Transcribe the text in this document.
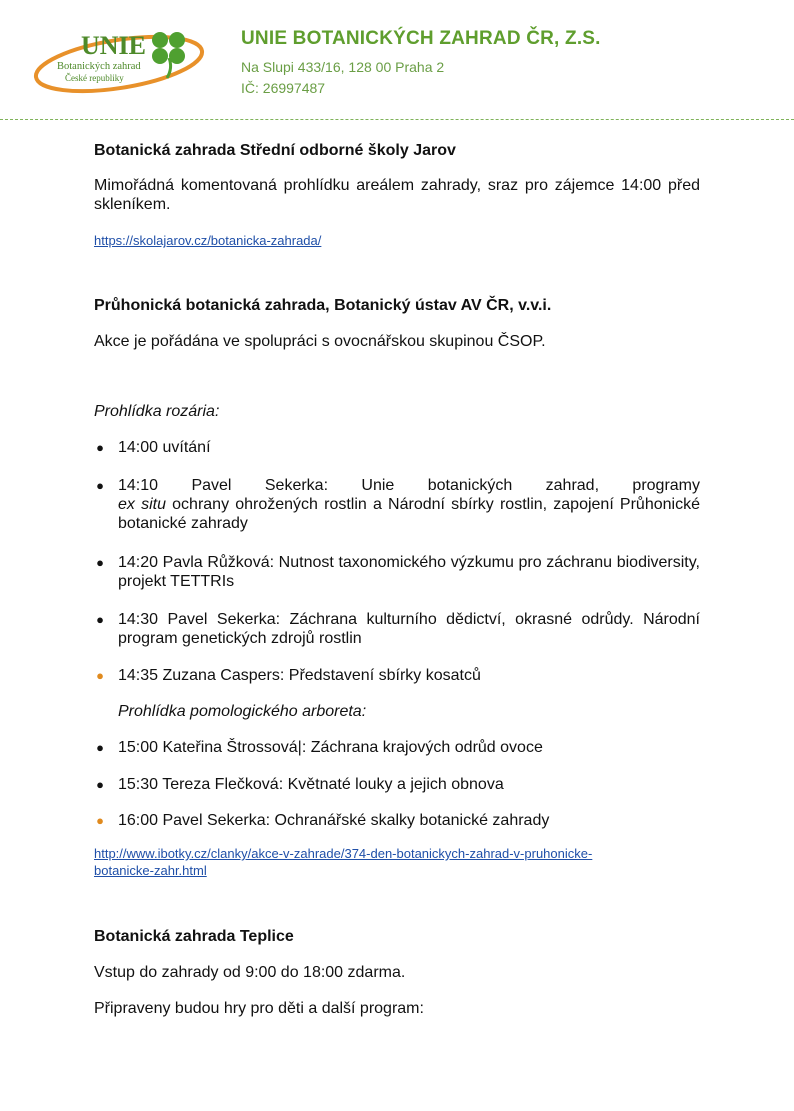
UNIE
Botanických zahrad
České republiky
UNIE BOTANICKÝCH ZAHRAD ČR, Z.S.
Na Slupi 433/16, 128 00 Praha 2
IČ: 26997487
Botanická zahrada Střední odborné školy Jarov
Mimořádná komentovaná prohlídku areálem zahrady, sraz pro zájemce 14:00 před skleníkem.
https://skolajarov.cz/botanicka-zahrada/
Průhonická botanická zahrada, Botanický ústav AV ČR, v.v.i.
Akce je pořádána ve spolupráci s ovocnářskou skupinou ČSOP.
Prohlídka rozária:
● 14:00 uvítání
● 14:10 Pavel Sekerka: Unie botanických zahrad, programy
ex situ ochrany ohrožených rostlin a Národní sbírky rostlin, zapojení Průhonické botanické zahrady
● 14:20 Pavla Růžková: Nutnost taxonomického výzkumu pro záchranu biodiversity, projekt TETTRIs
● 14:30 Pavel Sekerka: Záchrana kulturního dědictví, okrasné odrůdy. Národní program genetických zdrojů rostlin
● 14:35 Zuzana Caspers: Představení sbírky kosatců
Prohlídka pomologického arboreta:
● 15:00 Kateřina Štrossová|: Záchrana krajových odrůd ovoce
● 15:30 Tereza Flečková: Květnaté louky a jejich obnova
● 16:00 Pavel Sekerka: Ochranářské skalky botanické zahrady
http://www.ibotky.cz/clanky/akce-v-zahrade/374-den-botanickych-zahrad-v-pruhonicke-
botanicke-zahr.html
Botanická zahrada Teplice
Vstup do zahrady od 9:00 do 18:00 zdarma.
Připraveny budou hry pro děti a další program:
